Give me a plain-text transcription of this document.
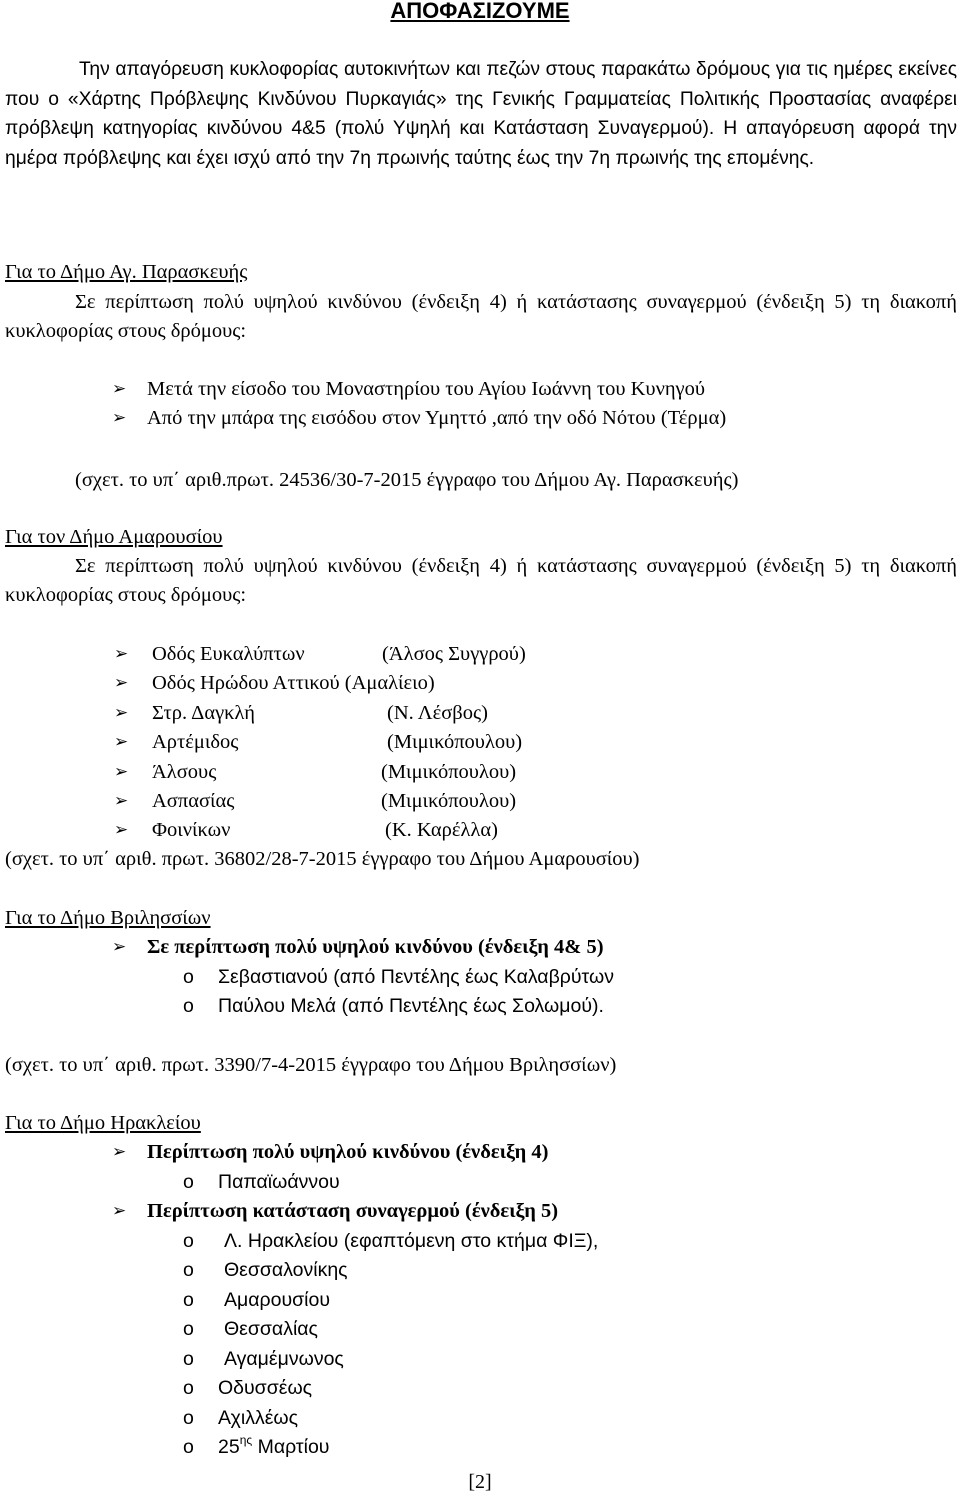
ΑΠΟΦΑΣΙΖΟΥΜΕ

Την απαγόρευση κυκλοφορίας αυτοκινήτων και πεζών στους παρακάτω δρόμους για τις ημέρες εκείνες που ο «Χάρτης Πρόβλεψης Κινδύνου Πυρκαγιάς» της Γενικής Γραμματείας Πολιτικής Προστασίας αναφέρει πρόβλεψη κατηγορίας κινδύνου 4&5 (πολύ Υψηλή και Κατάσταση Συναγερμού). Η απαγόρευση αφορά την ημέρα πρόβλεψης και έχει ισχύ από την 7η πρωινής ταύτης έως την 7η πρωινής της επομένης.

Για το Δήμο Αγ. Παρασκευής

Σε περίπτωση πολύ υψηλού κινδύνου (ένδειξη 4) ή κατάστασης συναγερμού (ένδειξη 5) τη διακοπή κυκλοφορίας στους δρόμους:

➢ Μετά την είσοδο του Μοναστηρίου του Αγίου Ιωάννη του Κυνηγού
➢ Από την μπάρα της εισόδου στον Υμηττό ,από την οδό Νότου (Τέρμα)
(σχετ. το υπ΄ αριθ.πρωτ. 24536/30-7-2015 έγγραφο του Δήμου Αγ. Παρασκευής)
Για τον Δήμο Αμαρουσίου

Σε περίπτωση πολύ υψηλού κινδύνου (ένδειξη 4) ή κατάστασης συναγερμού (ένδειξη 5) τη διακοπή κυκλοφορίας στους δρόμους:

➢ Οδός Ευκαλύπτων	(Άλσος Συγγρού)
➢ Οδός Ηρώδου Αττικού (Αμαλίειο)
➢ Στρ. Δαγκλή	(Ν. Λέσβος)
➢ Αρτέμιδος	(Μιμικόπουλου)
➢ Άλσους	(Μιμικόπουλου)
➢ Ασπασίας	(Μιμικόπουλου)
➢ Φοινίκων	(Κ. Καρέλλα)
(σχετ. το υπ΄ αριθ. πρωτ. 36802/28-7-2015 έγγραφο του Δήμου Αμαρουσίου)
Για το Δήμο Βριλησσίων
➢ Σε περίπτωση πολύ υψηλού κινδύνου (ένδειξη 4& 5)
o Σεβαστιανού (από Πεντέλης έως Καλαβρύτων
o Παύλου Μελά (από Πεντέλης έως Σολωμού).
(σχετ. το υπ΄ αριθ. πρωτ. 3390/7-4-2015 έγγραφο του Δήμου Βριλησσίων)
Για το Δήμο Ηρακλείου
➢ Περίπτωση πολύ υψηλού κινδύνου (ένδειξη 4)
o Παπαϊωάννου
➢ Περίπτωση κατάσταση συναγερμού (ένδειξη 5)
o Λ. Ηρακλείου (εφαπτόμενη στο κτήμα ΦΙΞ),
o Θεσσαλονίκης
o Αμαρουσίου
o Θεσσαλίας
o Αγαμέμνωνος
o Οδυσσέως
o Αχιλλέως
o $25^{\eta\varsigma}$ Μαρτίου
[2]
